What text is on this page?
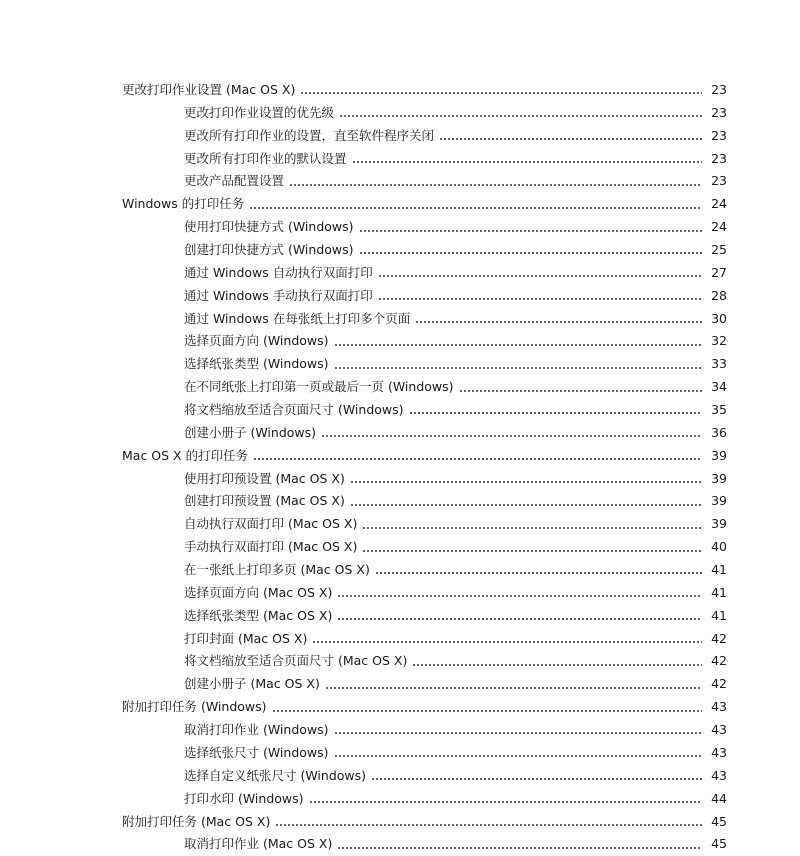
更改打印作业设置 (Mac OS X)	23
更改打印作业设置的优先级	23
更改所有打印作业的设置，直至软件程序关闭	23
更改所有打印作业的默认设置	23
更改产品配置设置	23
Windows 的打印任务	24
使用打印快捷方式 (Windows)	24
创建打印快捷方式 (Windows)	25
通过 Windows 自动执行双面打印	27
通过 Windows 手动执行双面打印	28
通过 Windows 在每张纸上打印多个页面	30
选择页面方向 (Windows)	32
选择纸张类型 (Windows)	33
在不同纸张上打印第一页或最后一页 (Windows)	34
将文档缩放至适合页面尺寸 (Windows)	35
创建小册子 (Windows)	36
Mac OS X 的打印任务	39
使用打印预设置 (Mac OS X)	39
创建打印预设置 (Mac OS X)	39
自动执行双面打印 (Mac OS X)	39
手动执行双面打印 (Mac OS X)	40
在一张纸上打印多页 (Mac OS X)	41
选择页面方向 (Mac OS X)	41
选择纸张类型 (Mac OS X)	41
打印封面 (Mac OS X)	42
将文档缩放至适合页面尺寸 (Mac OS X)	42
创建小册子 (Mac OS X)	42
附加打印任务 (Windows)	43
取消打印作业 (Windows)	43
选择纸张尺寸 (Windows)	43
选择自定义纸张尺寸 (Windows)	43
打印水印 (Windows)	44
附加打印任务 (Mac OS X)	45
取消打印作业 (Mac OS X)	45
